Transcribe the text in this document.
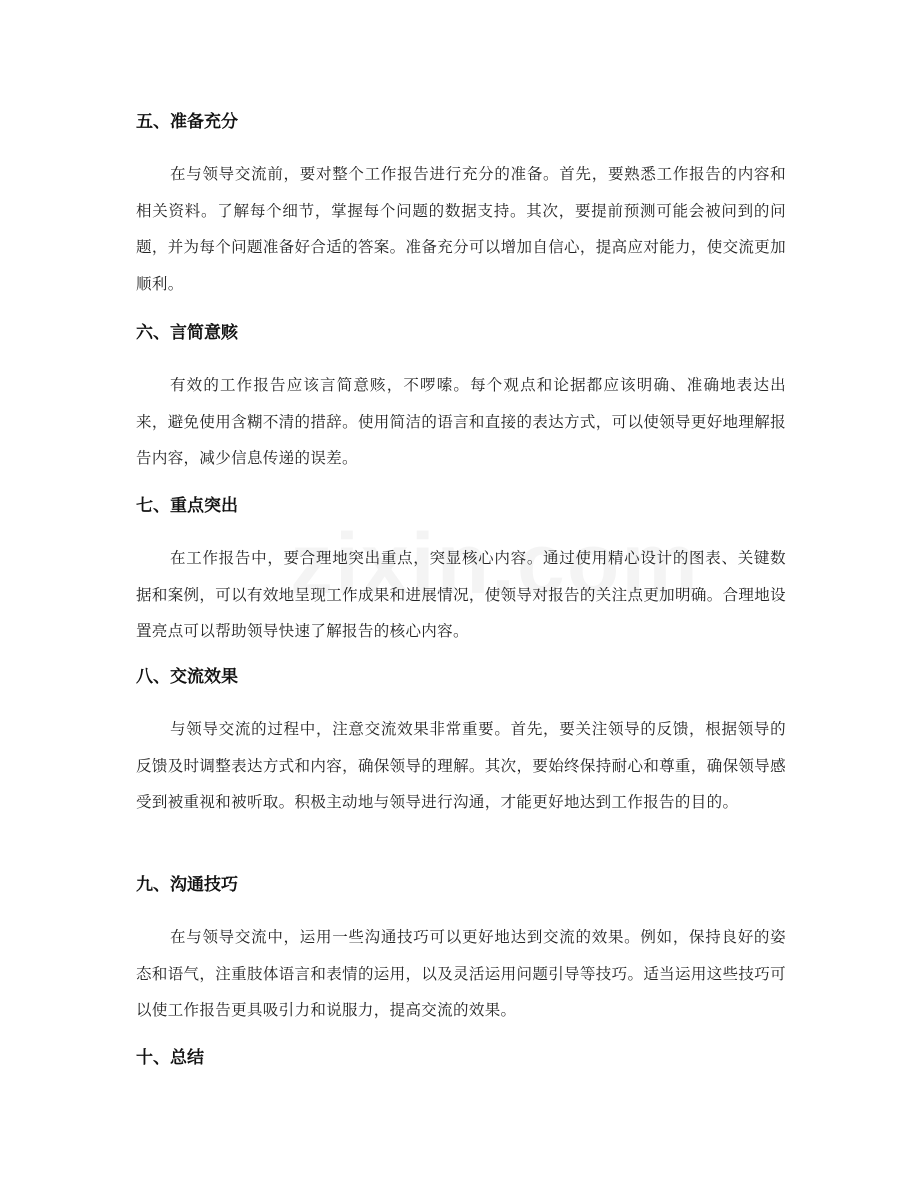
五、准备充分

在与领导交流前，要对整个工作报告进行充分的准备。首先，要熟悉工作报告的内容和相关资料。了解每个细节，掌握每个问题的数据支持。其次，要提前预测可能会被问到的问题，并为每个问题准备好合适的答案。准备充分可以增加自信心，提高应对能力，使交流更加顺利。

六、言简意赅

有效的工作报告应该言简意赅，不啰嗦。每个观点和论据都应该明确、准确地表达出来，避免使用含糊不清的措辞。使用简洁的语言和直接的表达方式，可以使领导更好地理解报告内容，减少信息传递的误差。

七、重点突出

在工作报告中，要合理地突出重点，突显核心内容。通过使用精心设计的图表、关键数据和案例，可以有效地呈现工作成果和进展情况，使领导对报告的关注点更加明确。合理地设置亮点可以帮助领导快速了解报告的核心内容。

八、交流效果

与领导交流的过程中，注意交流效果非常重要。首先，要关注领导的反馈，根据领导的反馈及时调整表达方式和内容，确保领导的理解。其次，要始终保持耐心和尊重，确保领导感受到被重视和被听取。积极主动地与领导进行沟通，才能更好地达到工作报告的目的。

九、沟通技巧

在与领导交流中，运用一些沟通技巧可以更好地达到交流的效果。例如，保持良好的姿态和语气，注重肢体语言和表情的运用，以及灵活运用问题引导等技巧。适当运用这些技巧可以使工作报告更具吸引力和说服力，提高交流的效果。

十、总结
